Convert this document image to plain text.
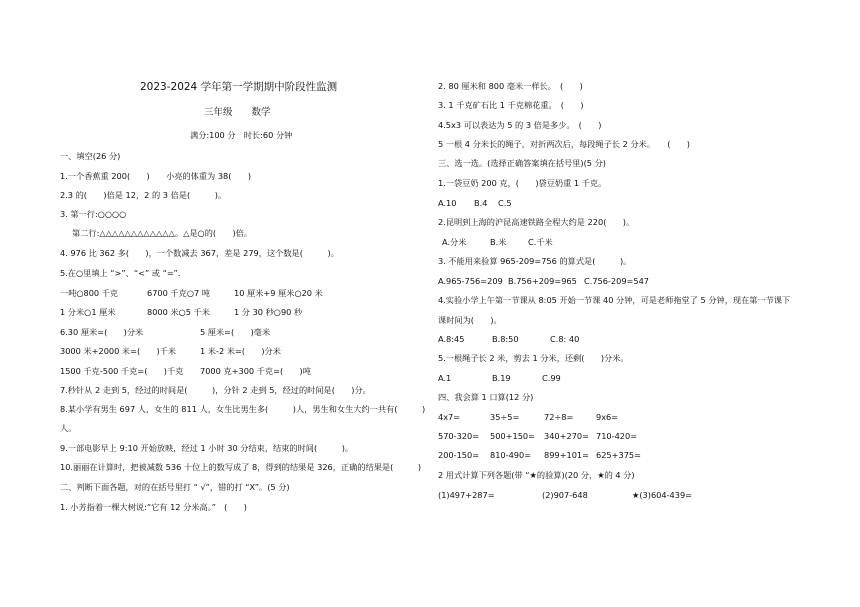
2023-2024 学年第一学期期中阶段性监测
三年级　　数学
满分:100 分　时长:60 分钟
一、填空(26 分)
1.一个香蕉重 200(　　)　　小亮的体重为 38(　　)
2.3 的(　　)倍是 12，2 的 3 倍是(　　　)。
3. 第一行:○○○○
第二行:△△△△△△△△△△△△。△是○的(　　)倍。
4. 976 比 362 多(　　)，一个数减去 367，差是 279，这个数是(　　　)。
5.在○里填上 “>”、“<” 或 “=”.
一吨○800 千克	6700 千克○7 吨	10 厘米+9 厘米○20 米
1 分米○1 厘米	8000 米○5 千米	1 分 30 秒○90 秒
6.30 厘米=(　　)分米	5 厘米=(　　)毫米
3000 米+2000 米=(　　)千米	1 米-2 米=(　　)分米
1500 千克-500 千克=(　　)千克 7000 克+300 千克=(　　)吨
7.秒针从 2 走到 5，经过的时间是(　　　)，分针 2 走到 5，经过的时间是(　　)分。
8.某小学有男生 697 人，女生的 811 人，女生比男生多(　　　)人，男生和女生大约一共有(　　　)
人。
9.一部电影早上 9:10 开始放映，经过 1 小时 30 分结束，结束的时间(　　　)。
10.丽丽在计算时，把被减数 536 十位上的数写成了 8，得到的结果是 326，正确的结果是(　　　)
二、判断下面各题，对的在括号里打 “ √”，错的打 “X”。(5 分)
1. 小芳指着一棵大树说:“它有 12 分米高。”　(　　)
2. 80 厘米和 800 毫米一样长。　(　　)
3. 1 千克矿石比 1 千克棉花重。　(　　)
4.5x3 可以表达为 5 的 3 倍是多少。　(　　)
5 一根 4 分米长的绳子，对折两次后，每段绳子长 2 分米。　　(　　)
三、选一选。(选择正确答案填在括号里)(5 分)
1.一袋豆奶 200 克，(　　)袋豆奶重 1 千克。
A.10 B.4 C.5
2.昆明到上海的沪昆高速铁路全程大约是 220(　　)。
A.分米	B.米	C.千米
3. 不能用来验算 965-209=756 的算式是(　　　)。
A.965-756=209 B.756+209=965 C.756-209=547
4.实验小学上午第一节课从 8:05 开始一节课 40 分钟，可是老师拖堂了 5 分钟，现在第一节课下
课时间为(　　)。
A.8:45	B.8:50	C.8: 40
5.一根绳子长 2 米，剪去 1 分米，还剩(　　)分米。
A.1	B.19	C.99
四、我会算 1 口算(12 分)
4x7=	35÷5=	72÷8=	9x6=
570-320= 500+150= 340+270= 710-420=
200-150= 810-490= 899+101= 625+375=
2 用式计算下列各题(带 “★的验算)(20 分，★的 4 分)
(1)497+287=	(2)907-648	★(3)604-439=
